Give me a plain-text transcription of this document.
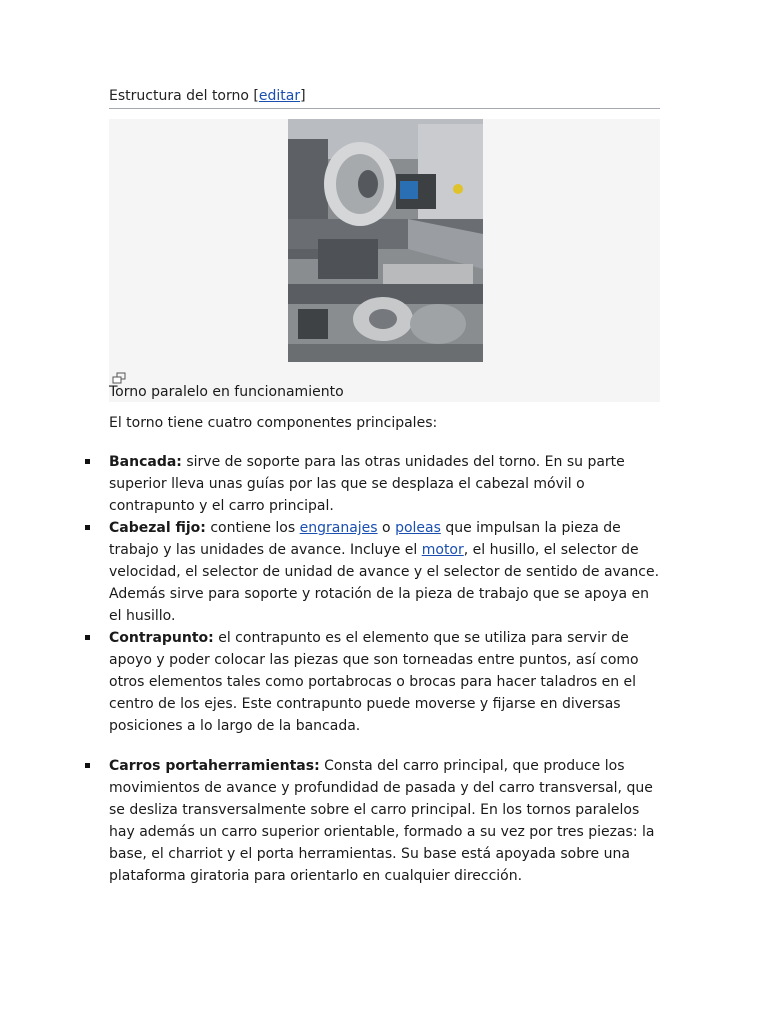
Estructura del torno [editar]
Torno paralelo en funcionamiento
El torno tiene cuatro componentes principales:
Bancada: sirve de soporte para las otras unidades del torno. En su parte superior lleva unas guías por las que se desplaza el cabezal móvil o contrapunto y el carro principal.
Cabezal fijo: contiene los engranajes o poleas que impulsan la pieza de trabajo y las unidades de avance. Incluye el motor, el husillo, el selector de velocidad, el selector de unidad de avance y el selector de sentido de avance. Además sirve para soporte y rotación de la pieza de trabajo que se apoya en el husillo.
Contrapunto: el contrapunto es el elemento que se utiliza para servir de apoyo y poder colocar las piezas que son torneadas entre puntos, así como otros elementos tales como portabrocas o brocas para hacer taladros en el centro de los ejes. Este contrapunto puede moverse y fijarse en diversas posiciones a lo largo de la bancada.
Carros portaherramientas: Consta del carro principal, que produce los movimientos de avance y profundidad de pasada y del carro transversal, que se desliza transversalmente sobre el carro principal. En los tornos paralelos hay además un carro superior orientable, formado a su vez por tres piezas: la base, el charriot y el porta herramientas. Su base está apoyada sobre una plataforma giratoria para orientarlo en cualquier dirección.
